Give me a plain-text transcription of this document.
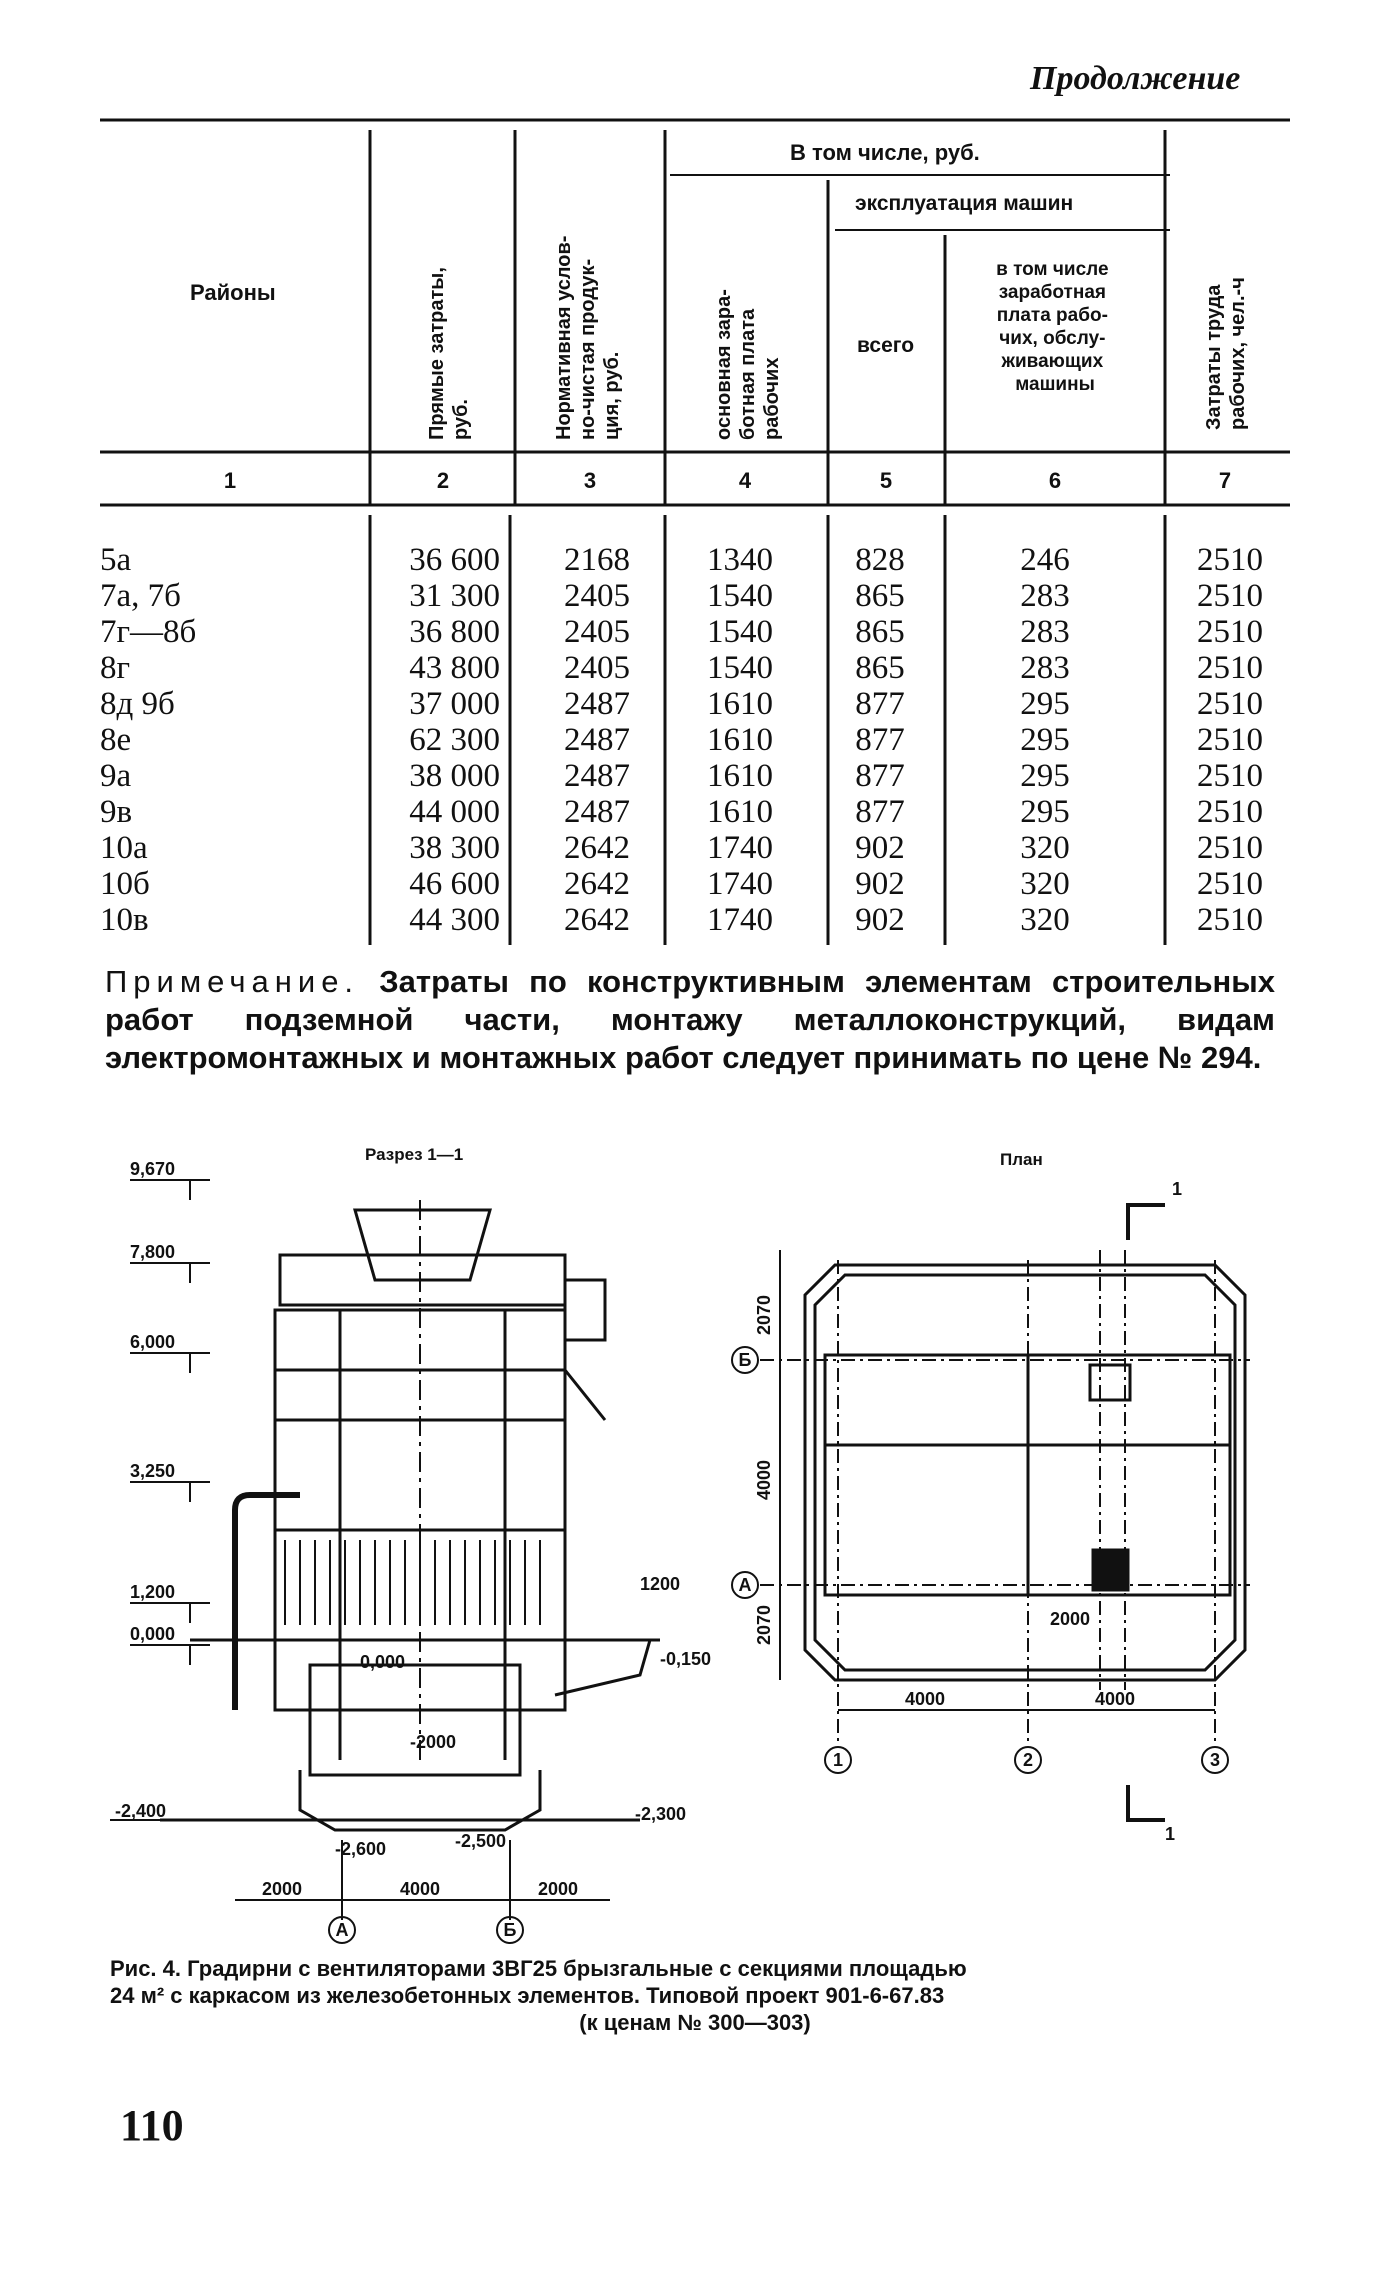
Продолжение
Районы	Прямые затраты, руб.	Нормативная услов- но-чистая продук- ция, руб.
В том числе, руб.
основная зара- ботная плата рабочих
эксплуатация машин
всего
в том числе заработная плата рабо- чих, обслу- живающих машины	Затраты труда рабочих, чел.-ч
1	2	3	4	5	6	7
5а	36 600	2168	1340	828	246	2510
7а, 7б	31 300	2405	1540	865	283	2510
7г—8б	36 800	2405	1540	865	283	2510
8г	43 800	2405	1540	865	283	2510
8д 9б	37 000	2487	1610	877	295	2510
8е	62 300	2487	1610	877	295	2510
9а	38 000	2487	1610	877	295	2510
9в	44 000	2487	1610	877	295	2510
10а	38 300	2642	1740	902	320	2510
10б	46 600	2642	1740	902	320	2510
10в	44 300	2642	1740	902	320	2510
Примечание. Затраты по конструктивным элементам строительных работ подземной части, монтажу металлоконструкций, видам электромонтажных и монтажных работ следует принимать по цене № 294.
Разрез 1—1	План
9,670
7,800
6,000
3,250
1,200
0,000
-2,400
1200
-0,150
0,000
-2000
-2,300
-2,600	-2,500
2000	4000	2000
А	Б
Б
А
1	2	3
1
1
2070
4000
2070	2000
4000	4000
Рис. 4. Градирни с вентиляторами 3ВГ25 брызгальные с секциями площадью
24 м² с каркасом из железобетонных элементов. Типовой проект 901-6-67.83
(к ценам № 300—303)
110
